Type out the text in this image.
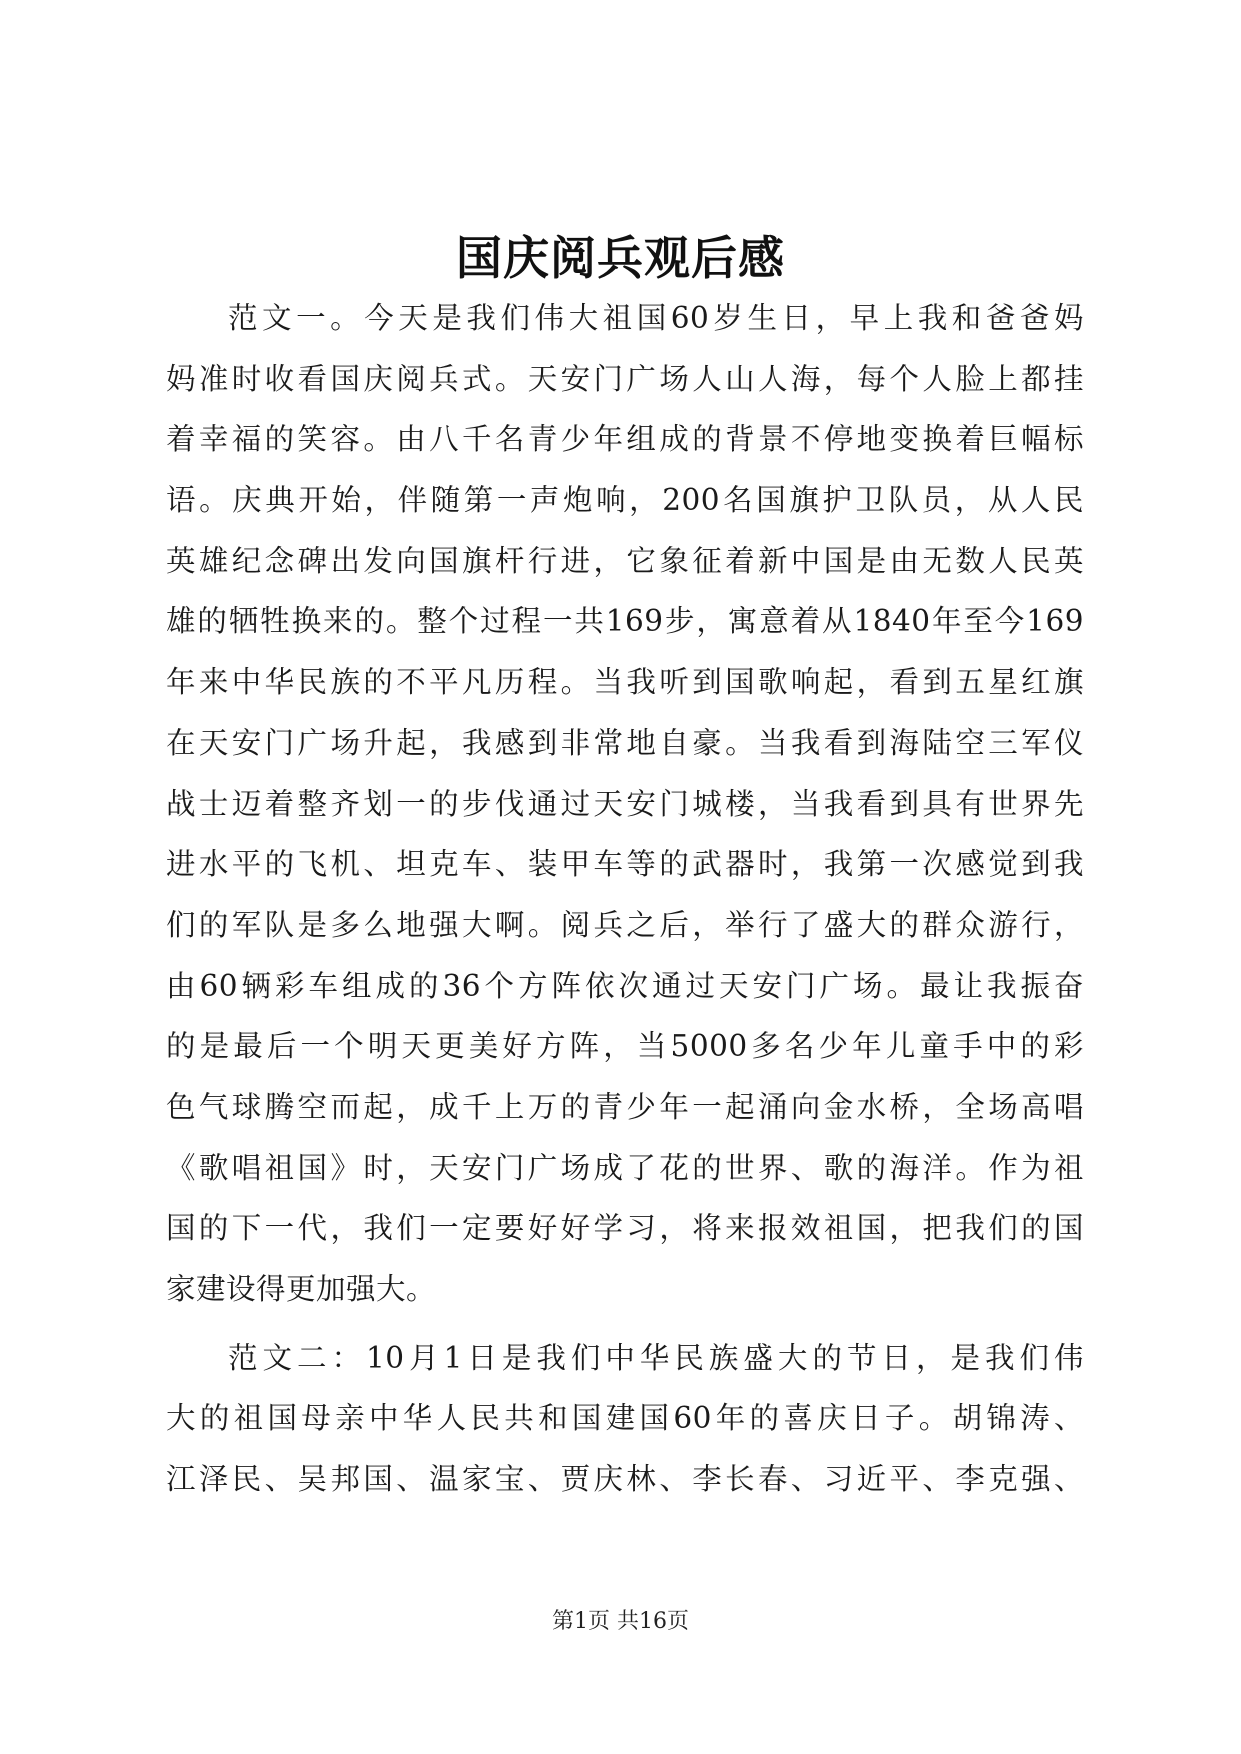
国庆阅兵观后感
范文一。今天是我们伟大祖国60岁生日，早上我和爸爸妈
妈准时收看国庆阅兵式。天安门广场人山人海，每个人脸上都挂
着幸福的笑容。由八千名青少年组成的背景不停地变换着巨幅标
语。庆典开始，伴随第一声炮响，200名国旗护卫队员，从人民
英雄纪念碑出发向国旗杆行进，它象征着新中国是由无数人民英
雄的牺牲换来的。整个过程一共169步，寓意着从1840年至今169
年来中华民族的不平凡历程。当我听到国歌响起，看到五星红旗
在天安门广场升起，我感到非常地自豪。当我看到海陆空三军仪
战士迈着整齐划一的步伐通过天安门城楼，当我看到具有世界先
进水平的飞机、坦克车、装甲车等的武器时，我第一次感觉到我
们的军队是多么地强大啊。阅兵之后，举行了盛大的群众游行，
由60辆彩车组成的36个方阵依次通过天安门广场。最让我振奋
的是最后一个明天更美好方阵，当5000多名少年儿童手中的彩
色气球腾空而起，成千上万的青少年一起涌向金水桥，全场高唱
《歌唱祖国》时，天安门广场成了花的世界、歌的海洋。作为祖
国的下一代，我们一定要好好学习，将来报效祖国，把我们的国
家建设得更加强大。
范文二：10月1日是我们中华民族盛大的节日，是我们伟
大的祖国母亲中华人民共和国建国60年的喜庆日子。胡锦涛、
江泽民、吴邦国、温家宝、贾庆林、李长春、习近平、李克强、
第1页 共16页
